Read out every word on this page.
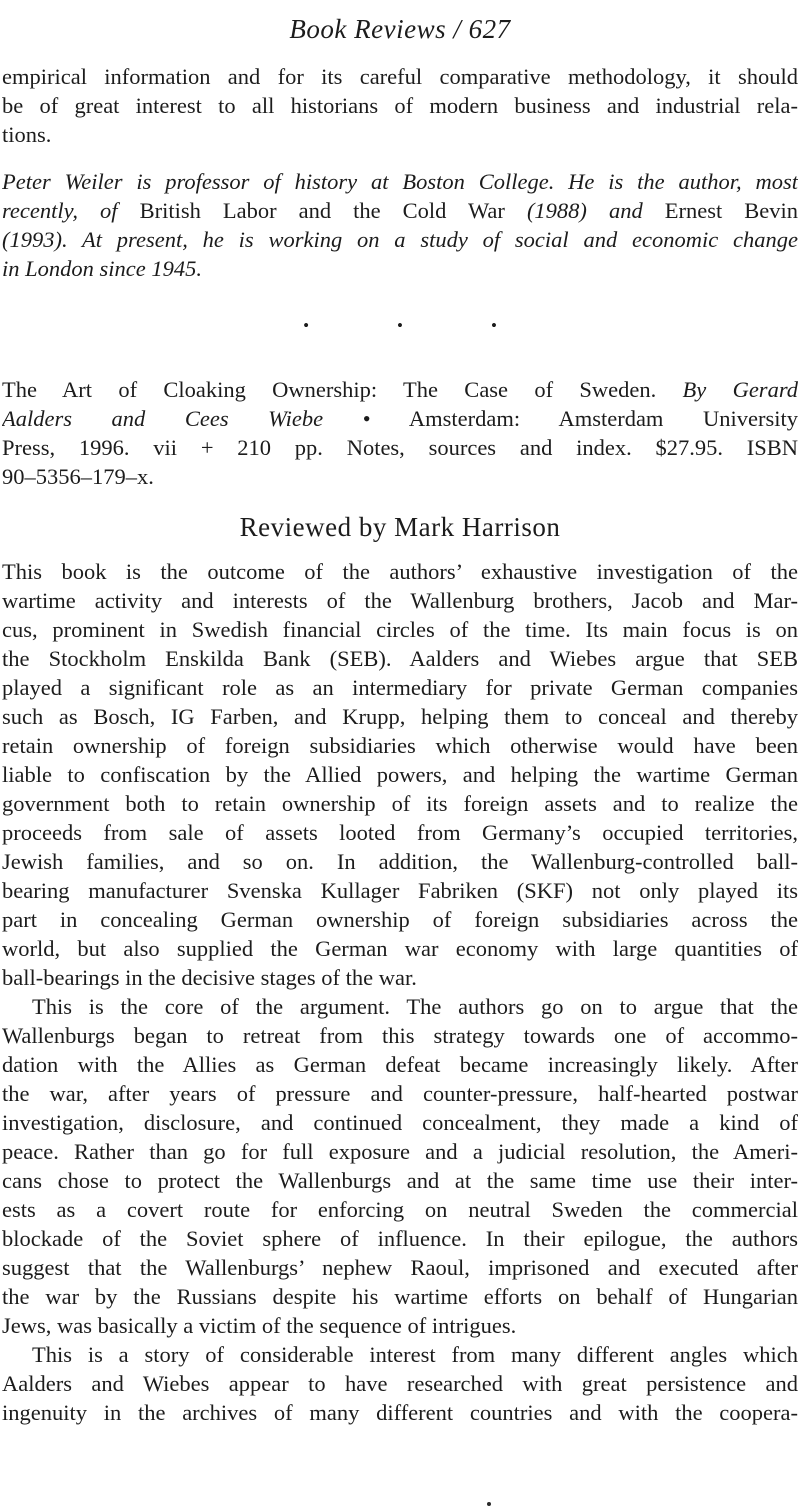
Book Reviews / 627
empirical information and for its careful comparative methodology, it should
be of great interest to all historians of modern business and industrial rela-
tions.
Peter Weiler is professor of history at Boston College. He is the author, most
recently, of British Labor and the Cold War (1988) and Ernest Bevin
(1993). At present, he is working on a study of social and economic change
in London since 1945.
•	•	•
The Art of Cloaking Ownership: The Case of Sweden. By Gerard
Aalders and Cees Wiebe • Amsterdam: Amsterdam University
Press, 1996. vii + 210 pp. Notes, sources and index. $27.95. ISBN
90–5356–179–x.
Reviewed by Mark Harrison
This book is the outcome of the authors’ exhaustive investigation of the
wartime activity and interests of the Wallenburg brothers, Jacob and Mar-
cus, prominent in Swedish financial circles of the time. Its main focus is on
the Stockholm Enskilda Bank (SEB). Aalders and Wiebes argue that SEB
played a significant role as an intermediary for private German companies
such as Bosch, IG Farben, and Krupp, helping them to conceal and thereby
retain ownership of foreign subsidiaries which otherwise would have been
liable to confiscation by the Allied powers, and helping the wartime German
government both to retain ownership of its foreign assets and to realize the
proceeds from sale of assets looted from Germany’s occupied territories,
Jewish families, and so on. In addition, the Wallenburg-controlled ball-
bearing manufacturer Svenska Kullager Fabriken (SKF) not only played its
part in concealing German ownership of foreign subsidiaries across the
world, but also supplied the German war economy with large quantities of
ball-bearings in the decisive stages of the war.
This is the core of the argument. The authors go on to argue that the
Wallenburgs began to retreat from this strategy towards one of accommo-
dation with the Allies as German defeat became increasingly likely. After
the war, after years of pressure and counter-pressure, half-hearted postwar
investigation, disclosure, and continued concealment, they made a kind of
peace. Rather than go for full exposure and a judicial resolution, the Ameri-
cans chose to protect the Wallenburgs and at the same time use their inter-
ests as a covert route for enforcing on neutral Sweden the commercial
blockade of the Soviet sphere of influence. In their epilogue, the authors
suggest that the Wallenburgs’ nephew Raoul, imprisoned and executed after
the war by the Russians despite his wartime efforts on behalf of Hungarian
Jews, was basically a victim of the sequence of intrigues.
This is a story of considerable interest from many different angles which
Aalders and Wiebes appear to have researched with great persistence and
ingenuity in the archives of many different countries and with the coopera-
